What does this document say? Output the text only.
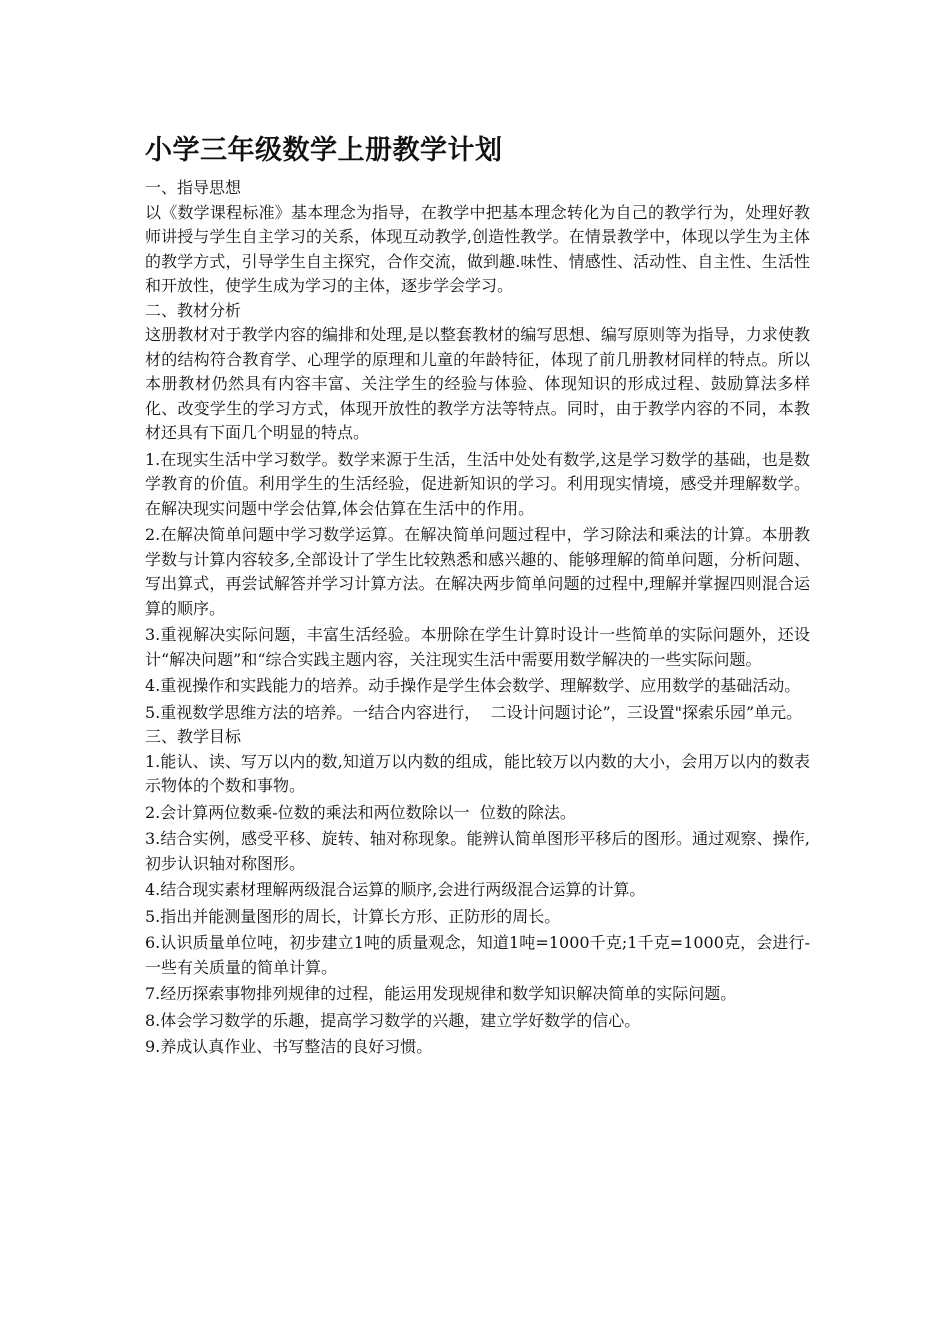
小学三年级数学上册教学计划
一、指导思想
以《数学课程标准》基本理念为指导，在教学中把基本理念转化为自己的教学行为，处理好教师讲授与学生自主学习的关系，体现互动教学,创造性教学。在情景教学中，体现以学生为主体的教学方式，引导学生自主探究，合作交流，做到趣.味性、情感性、活动性、自主性、生活性和开放性，使学生成为学习的主体，逐步学会学习。
二、教材分析
这册教材对于教学内容的编排和处理,是以整套教材的编写思想、编写原则等为指导，力求使教材的结构符合教育学、心理学的原理和儿童的年龄特征，体现了前几册教材同样的特点。所以本册教材仍然具有内容丰富、关注学生的经验与体验、体现知识的形成过程、鼓励算法多样化、改变学生的学习方式，体现开放性的教学方法等特点。同时，由于教学内容的不同，本教材还具有下面几个明显的特点。
1.在现实生活中学习数学。数学来源于生活，生活中处处有数学,这是学习数学的基础，也是数学教育的价值。利用学生的生活经验，促进新知识的学习。利用现实情境，感受并理解数学。在解决现实问题中学会估算,体会估算在生活中的作用。
2.在解决简单问题中学习数学运算。在解决简单问题过程中，学习除法和乘法的计算。本册教学数与计算内容较多,全部设计了学生比较熟悉和感兴趣的、能够理解的简单问题，分析问题、写出算式，再尝试解答并学习计算方法。在解决两步简单问题的过程中,理解并掌握四则混合运算的顺序。
3.重视解决实际问题，丰富生活经验。本册除在学生计算时设计一些简单的实际问题外，还设计“解决问题”和“综合实践主题内容，关注现实生活中需要用数学解决的一些实际问题。
4.重视操作和实践能力的培养。动手操作是学生体会数学、理解数学、应用数学的基础活动。
5.重视数学思维方法的培养。一结合内容进行，  二设计问题讨论”，三设置"探索乐园”单元。
三、教学目标
1.能认、读、写万以内的数,知道万以内数的组成，能比较万以内数的大小，会用万以内的数表示物体的个数和事物。
2.会计算两位数乘-位数的乘法和两位数除以一  位数的除法。
3.结合实例，感受平移、旋转、轴对称现象。能辨认简单图形平移后的图形。通过观察、操作,初步认识轴对称图形。
4.结合现实素材理解两级混合运算的顺序,会进行两级混合运算的计算。
5.指出并能测量图形的周长，计算长方形、正防形的周长。
6.认识质量单位吨，初步建立1吨的质量观念，知道1吨=1000千克;1千克=1000克，会进行-一些有关质量的简单计算。
7.经历探索事物排列规律的过程，能运用发现规律和数学知识解决简单的实际问题。
8.体会学习数学的乐趣，提高学习数学的兴趣，建立学好数学的信心。
9.养成认真作业、书写整洁的良好习惯。
